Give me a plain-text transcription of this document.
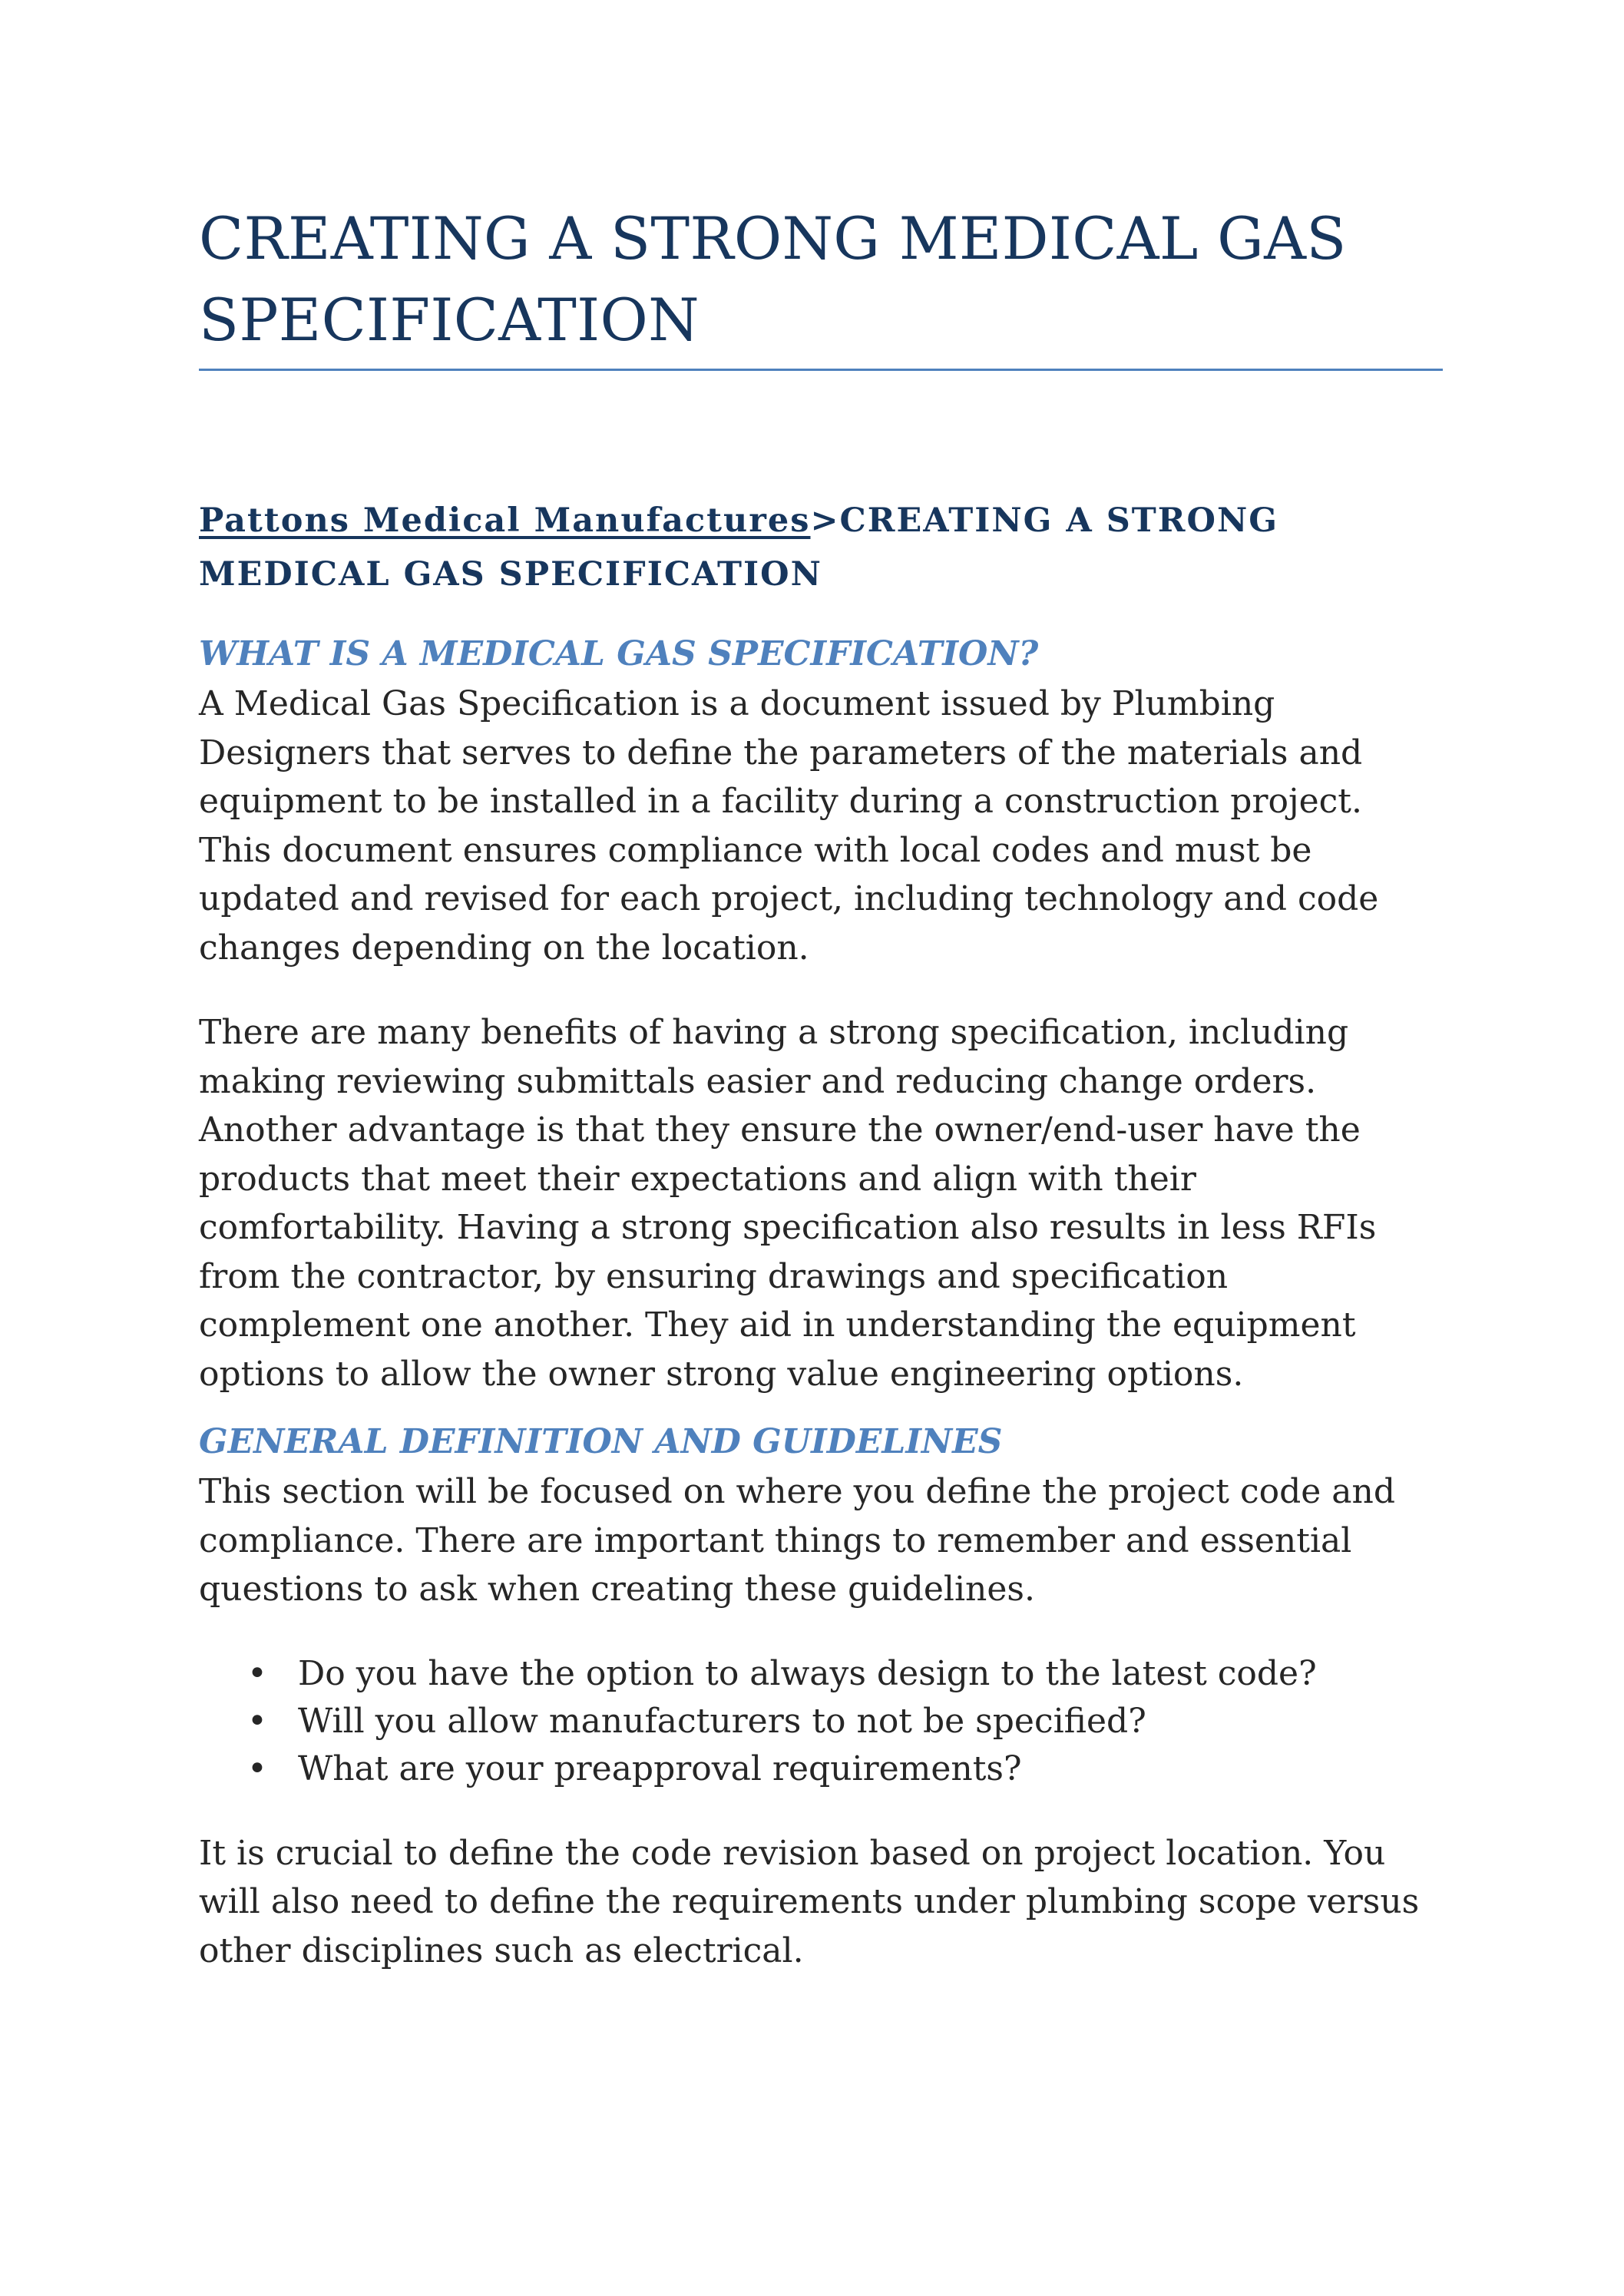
CREATING A STRONG MEDICAL GAS SPECIFICATION
Pattons Medical Manufactures>CREATING A STRONG MEDICAL GAS SPECIFICATION
WHAT IS A MEDICAL GAS SPECIFICATION?

A Medical Gas Specification is a document issued by Plumbing Designers that serves to define the parameters of the materials and equipment to be installed in a facility during a construction project. This document ensures compliance with local codes and must be updated and revised for each project, including technology and code changes depending on the location.

There are many benefits of having a strong specification, including making reviewing submittals easier and reducing change orders. Another advantage is that they ensure the owner/end-user have the products that meet their expectations and align with their comfortability. Having a strong specification also results in less RFIs from the contractor, by ensuring drawings and specification complement one another. They aid in understanding the equipment options to allow the owner strong value engineering options.

GENERAL DEFINITION AND GUIDELINES

This section will be focused on where you define the project code and compliance. There are important things to remember and essential questions to ask when creating these guidelines.

• Do you have the option to always design to the latest code?
• Will you allow manufacturers to not be specified?
• What are your preapproval requirements?

It is crucial to define the code revision based on project location. You will also need to define the requirements under plumbing scope versus other disciplines such as electrical.
